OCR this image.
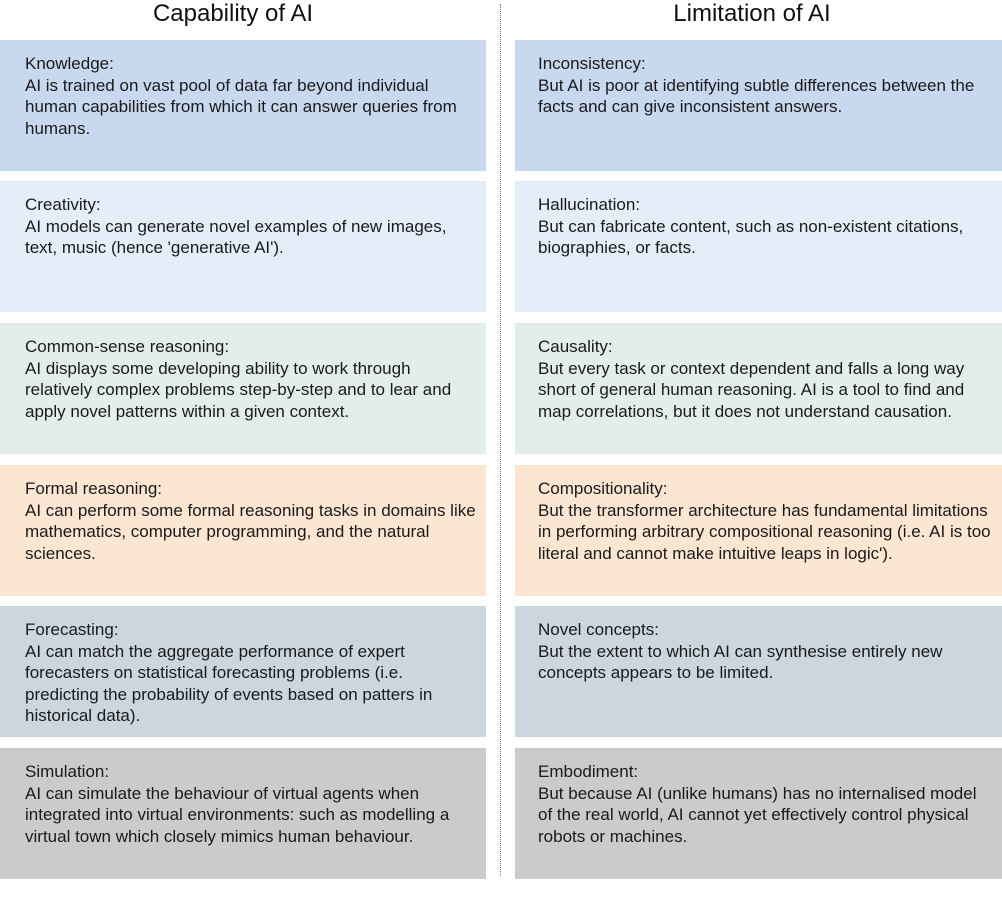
Capability of AI	Limitation of AI
Knowledge:
AI is trained on vast pool of data far beyond individual human capabilities from which it can answer queries from humans.
Creativity:
AI models can generate novel examples of new images, text, music (hence 'generative AI').
Common-sense reasoning:
AI displays some developing ability to work through relatively complex problems step-by-step and to lear and apply novel patterns within a given context.
Formal reasoning:
AI can perform some formal reasoning tasks in domains like mathematics, computer programming, and the natural sciences.
Forecasting:
AI can match the aggregate performance of expert forecasters on statistical forecasting problems (i.e. predicting the probability of events based on patters in historical data).
Simulation:
AI can simulate the behaviour of virtual agents when integrated into virtual environments: such as modelling a virtual town which closely mimics human behaviour.
Inconsistency:
But AI is poor at identifying subtle differences between the facts and can give inconsistent answers.
Hallucination:
But can fabricate content, such as non-existent citations, biographies, or facts.
Causality:
But every task or context dependent and falls a long way short of general human reasoning. AI is a tool to find and map correlations, but it does not understand causation.
Compositionality:
But the transformer architecture has fundamental limitations in performing arbitrary compositional reasoning (i.e. AI is too literal and cannot make intuitive leaps in logic').
Novel concepts:
But the extent to which AI can synthesise entirely new concepts appears to be limited.
Embodiment:
But because AI (unlike humans) has no internalised model of the real world, AI cannot yet effectively control physical robots or machines.
